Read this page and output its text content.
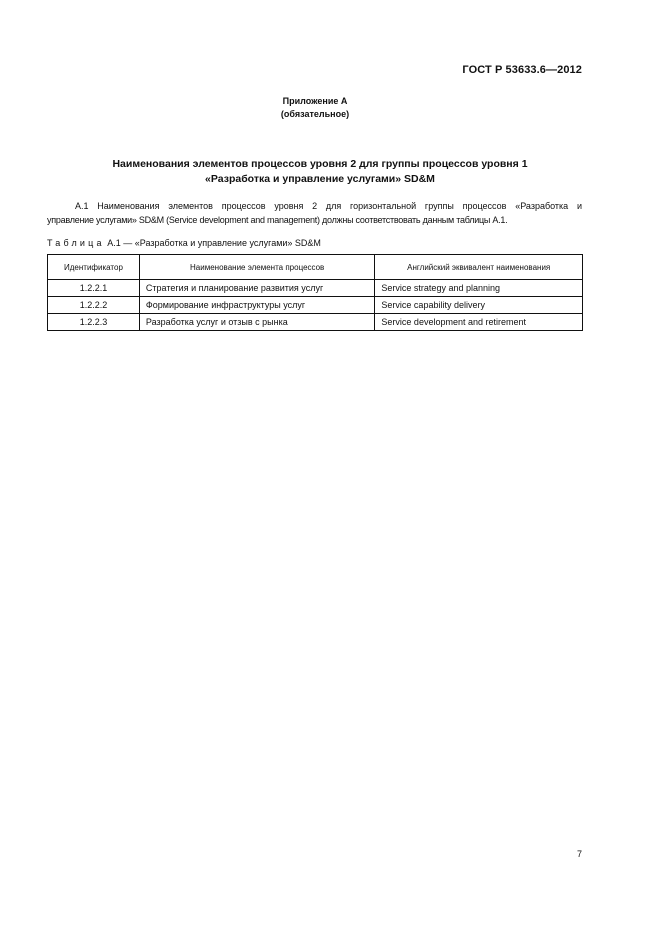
ГОСТ Р 53633.6—2012
Приложение А
(обязательное)
Наименования элементов процессов уровня 2 для группы процессов уровня 1
«Разработка и управление услугами» SD&M
А.1 Наименования элементов процессов уровня 2 для горизонтальной группы процессов «Разработка и
управление услугами» SD&M (Service development and management) должны соответствовать данным таблицы А.1.
Таблица А.1 — «Разработка и управление услугами» SD&M
Идентификатор	Наименование элемента процессов	Английский эквивалент наименования
1.2.2.1	Стратегия и планирование развития услуг	Service strategy and planning
1.2.2.2	Формирование инфраструктуры услуг	Service capability delivery
1.2.2.3	Разработка услуг и отзыв с рынка	Service development and retirement
7
